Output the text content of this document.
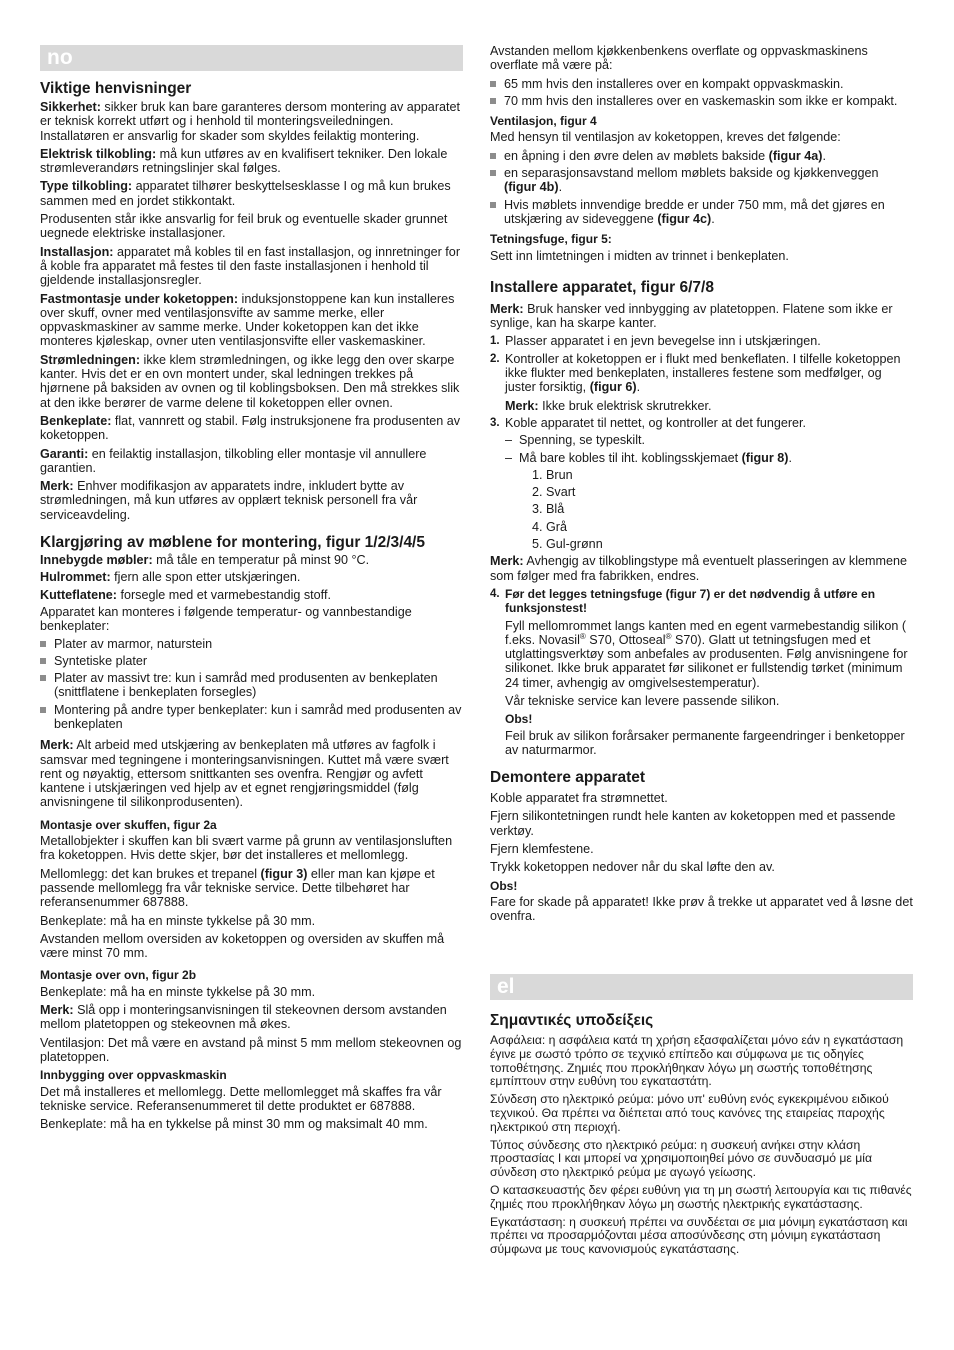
no
el
Viktige henvisninger

Sikkerhet: sikker bruk kan bare garanteres dersom montering av apparatet er teknisk korrekt utført og i henhold til monteringsveiledningen. Installatøren er ansvarlig for skader som skyldes feilaktig montering.

Elektrisk tilkobling: må kun utføres av en kvalifisert tekniker. Den lokale strømleverandørs retningslinjer skal følges.

Type tilkobling: apparatet tilhører beskyttelsesklasse I og må kun brukes sammen med en jordet stikkontakt.

Produsenten står ikke ansvarlig for feil bruk og eventuelle skader grunnet uegnede elektriske installasjoner.

Installasjon: apparatet må kobles til en fast installasjon, og innretninger for å koble fra apparatet må festes til den faste installasjonen i henhold til gjeldende installasjonsregler.

Fastmontasje under koketoppen: induksjonstoppene kan kun installeres over skuff, ovner med ventilasjonsvifte av samme merke, eller oppvaskmaskiner av samme merke. Under koketoppen kan det ikke monteres kjøleskap, ovner uten ventilasjonsvifte eller vaskemaskiner.

Strømledningen: ikke klem strømledningen, og ikke legg den over skarpe kanter. Hvis det er en ovn montert under, skal ledningen trekkes på hjørnene på baksiden av ovnen og til koblingsboksen. Den må strekkes slik at den ikke berører de varme delene til koketoppen eller ovnen.

Benkeplate: flat, vannrett og stabil. Følg instruksjonene fra produsenten av koketoppen.

Garanti: en feilaktig installasjon, tilkobling eller montasje vil annullere garantien.

Merk: Enhver modifikasjon av apparatets indre, inkludert bytte av strømledningen, må kun utføres av opplært teknisk personell fra vår serviceavdeling.

Klargjøring av møblene for montering, figur 1/2/3/4/5

Innebygde møbler: må tåle en temperatur på minst 90 °C.

Hulrommet: fjern alle spon etter utskjæringen.

Kutteflatene: forsegle med et varmebestandig stoff.

Apparatet kan monteres i følgende temperatur- og vannbestandige benkeplater:

Plater av marmor, naturstein
Syntetiske plater
Plater av massivt tre: kun i samråd med produsenten av benkeplaten (snittflatene i benkeplaten forsegles)
Montering på andre typer benkeplater: kun i samråd med produsenten av benkeplaten

Merk: Alt arbeid med utskjæring av benkeplaten må utføres av fagfolk i samsvar med tegningene i monteringsanvisningen. Kuttet må være svært rent og nøyaktig, ettersom snittkanten ses ovenfra. Rengjør og avfett kantene i utskjæringen ved hjelp av et egnet rengjøringsmiddel (følg anvisningene til silikonprodusenten).

Montasje over skuffen, figur 2a

Metallobjekter i skuffen kan bli svært varme på grunn av ventilasjonsluften fra koketoppen. Hvis dette skjer, bør det installeres et mellomlegg.

Mellomlegg: det kan brukes et trepanel (figur 3) eller man kan kjøpe et passende mellomlegg fra vår tekniske service. Dette tilbehøret har referansenummer 687888.

Benkeplate: må ha en minste tykkelse på 30 mm.

Avstanden mellom oversiden av koketoppen og oversiden av skuffen må være minst 70 mm.

Montasje over ovn, figur 2b

Benkeplate: må ha en minste tykkelse på 30 mm.

Merk: Slå opp i monteringsanvisningen til stekeovnen dersom avstanden mellom platetoppen og stekeovnen må økes.

Ventilasjon: Det må være en avstand på minst 5 mm mellom stekeovnen og platetoppen.

Innbygging over oppvaskmaskin

Det må installeres et mellomlegg. Dette mellomlegget må skaffes fra vår tekniske service. Referansenummeret til dette produktet er 687888.

Benkeplate: må ha en tykkelse på minst 30 mm og maksimalt 40 mm.

Avstanden mellom kjøkkenbenkens overflate og oppvaskmaskinens overflate må være på:

65 mm hvis den installeres over en kompakt oppvaskmaskin.
70 mm hvis den installeres over en vaskemaskin som ikke er kompakt.
Ventilasjon, figur 4

Med hensyn til ventilasjon av koketoppen, kreves det følgende:

en åpning i den øvre delen av møblets bakside (figur 4a).
en separasjonsavstand mellom møblets bakside og kjøkkenveggen (figur 4b).
Hvis møblets innvendige bredde er under 750 mm, må det gjøres en utskjæring av sideveggene (figur 4c).
Tetningsfuge, figur 5:

Sett inn limtetningen i midten av trinnet i benkeplaten.

Installere apparatet, figur 6/7/8

Merk: Bruk hansker ved innbygging av platetoppen. Flatene som ikke er synlige, kan ha skarpe kanter.

1. Plasser apparatet i en jevn bevegelse inn i utskjæringen.
2. Kontroller at koketoppen er i flukt med benkeflaten. I tilfelle koketoppen ikke flukter med benkeplaten, installeres festene som medfølger, og juster forsiktig, (figur 6).

Merk: Ikke bruk elektrisk skrutrekker.

3. Koble apparatet til nettet, og kontroller at det fungerer.
– Spenning, se typeskilt.
– Må bare kobles til iht. koblingsskjemaet (figur 8).
1. Brun
2. Svart
3. Blå
4. Grå
5. Gul-grønn

Merk: Avhengig av tilkoblingstype må eventuelt plasseringen av klemmene som følger med fra fabrikken, endres.

4. Før det legges tetningsfuge (figur 7) er det nødvendig å utføre en funksjonstest!

Fyll mellomrommet langs kanten med en egent varmebestandig silikon ( f.eks. Novasil® S70, Ottoseal® S70). Glatt ut tetningsfugen med et utglattingsverktøy som anbefales av produsenten. Følg anvisningene for silikonet. Ikke bruk apparatet før silikonet er fullstendig tørket (minimum 24 timer, avhengig av omgivelsestemperatur).

Vår tekniske service kan levere passende silikon.

Obs!

Feil bruk av silikon forårsaker permanente fargeendringer i benketopper av naturmarmor.

Demontere apparatet

Koble apparatet fra strømnettet.

Fjern silikontetningen rundt hele kanten av koketoppen med et passende verktøy.

Fjern klemfestene.

Trykk koketoppen nedover når du skal løfte den av.

Obs!

Fare for skade på apparatet! Ikke prøv å trekke ut apparatet ved å løsne det ovenfra.

Σημαντικές υποδείξεις

Ασφάλεια: η ασφάλεια κατά τη χρήση εξασφαλίζεται μόνο εάν η εγκατάσταση έγινε με σωστό τρόπο σε τεχνικό επίπεδο και σύμφωνα με τις οδηγίες τοποθέτησης. Ζημιές που προκλήθηκαν λόγω μη σωστής τοποθέτησης εμπίπτουν στην ευθύνη του εγκαταστάτη.

Σύνδεση στο ηλεκτρικό ρεύμα: μόνο υπ' ευθύνη ενός εγκεκριμένου ειδικού τεχνικού. Θα πρέπει να διέπεται από τους κανόνες της εταιρείας παροχής ηλεκτρικού στη περιοχή.

Τύπος σύνδεσης στο ηλεκτρικό ρεύμα: η συσκευή ανήκει στην κλάση προστασίας I και μπορεί να χρησιμοποιηθεί μόνο σε συνδυασμό με μία σύνδεση στο ηλεκτρικό ρεύμα με αγωγό γείωσης.

Ο κατασκευαστής δεν φέρει ευθύνη για τη μη σωστή λειτουργία και τις πιθανές ζημιές που προκλήθηκαν λόγω μη σωστής ηλεκτρικής εγκατάστασης.

Εγκατάσταση: η συσκευή πρέπει να συνδέεται σε μια μόνιμη εγκατάσταση και πρέπει να προσαρμόζονται μέσα αποσύνδεσης στη μόνιμη εγκατάσταση σύμφωνα με τους κανονισμούς εγκατάστασης.
